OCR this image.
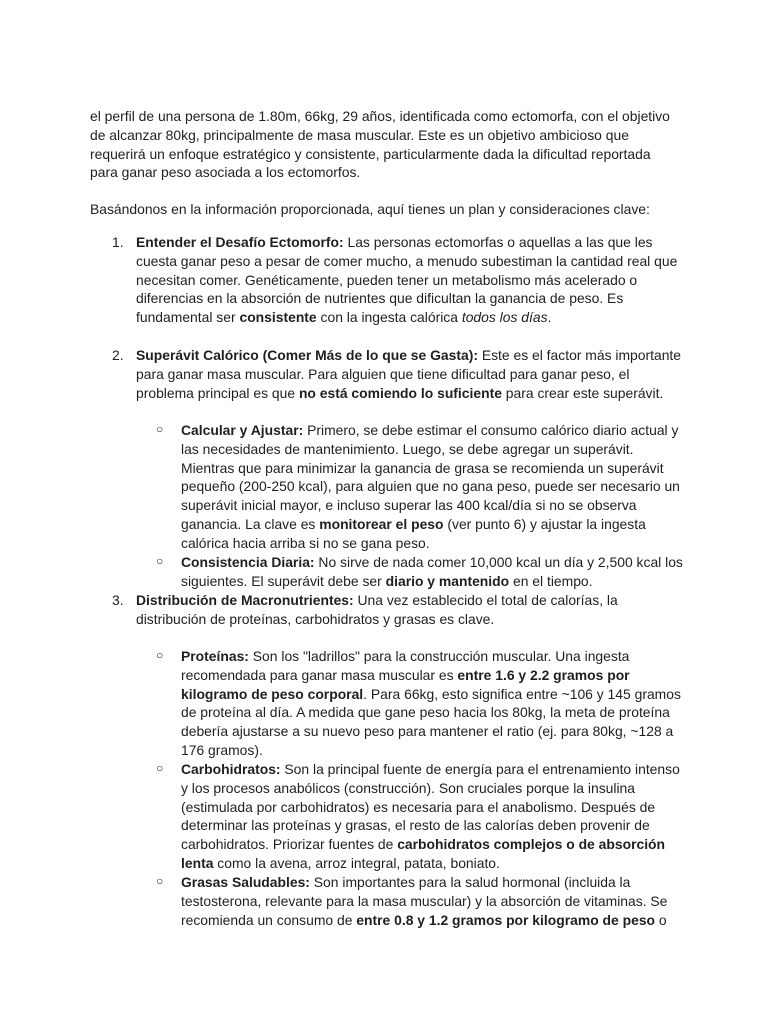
el perfil de una persona de 1.80m, 66kg, 29 años, identificada como ectomorfa, con el objetivo de alcanzar 80kg, principalmente de masa muscular. Este es un objetivo ambicioso que requerirá un enfoque estratégico y consistente, particularmente dada la dificultad reportada para ganar peso asociada a los ectomorfos.

Basándonos en la información proporcionada, aquí tienes un plan y consideraciones clave:

1. Entender el Desafío Ectomorfo: Las personas ectomorfas o aquellas a las que les cuesta ganar peso a pesar de comer mucho, a menudo subestiman la cantidad real que necesitan comer. Genéticamente, pueden tener un metabolismo más acelerado o diferencias en la absorción de nutrientes que dificultan la ganancia de peso. Es fundamental ser consistente con la ingesta calórica todos los días.
2. Superávit Calórico (Comer Más de lo que se Gasta): Este es el factor más importante para ganar masa muscular. Para alguien que tiene dificultad para ganar peso, el problema principal es que no está comiendo lo suficiente para crear este superávit.
○ Calcular y Ajustar: Primero, se debe estimar el consumo calórico diario actual y las necesidades de mantenimiento. Luego, se debe agregar un superávit. Mientras que para minimizar la ganancia de grasa se recomienda un superávit pequeño (200-250 kcal), para alguien que no gana peso, puede ser necesario un superávit inicial mayor, e incluso superar las 400 kcal/día si no se observa ganancia. La clave es monitorear el peso (ver punto 6) y ajustar la ingesta calórica hacia arriba si no se gana peso.
○ Consistencia Diaria: No sirve de nada comer 10,000 kcal un día y 2,500 kcal los siguientes. El superávit debe ser diario y mantenido en el tiempo.
3. Distribución de Macronutrientes: Una vez establecido el total de calorías, la distribución de proteínas, carbohidratos y grasas es clave.
○ Proteínas: Son los "ladrillos" para la construcción muscular. Una ingesta recomendada para ganar masa muscular es entre 1.6 y 2.2 gramos por kilogramo de peso corporal. Para 66kg, esto significa entre ~106 y 145 gramos de proteína al día. A medida que gane peso hacia los 80kg, la meta de proteína debería ajustarse a su nuevo peso para mantener el ratio (ej. para 80kg, ~128 a 176 gramos).
○ Carbohidratos: Son la principal fuente de energía para el entrenamiento intenso y los procesos anabólicos (construcción). Son cruciales porque la insulina (estimulada por carbohidratos) es necesaria para el anabolismo. Después de determinar las proteínas y grasas, el resto de las calorías deben provenir de carbohidratos. Priorizar fuentes de carbohidratos complejos o de absorción lenta como la avena, arroz integral, patata, boniato.
○ Grasas Saludables: Son importantes para la salud hormonal (incluida la testosterona, relevante para la masa muscular) y la absorción de vitaminas. Se recomienda un consumo de entre 0.8 y 1.2 gramos por kilogramo de peso o
